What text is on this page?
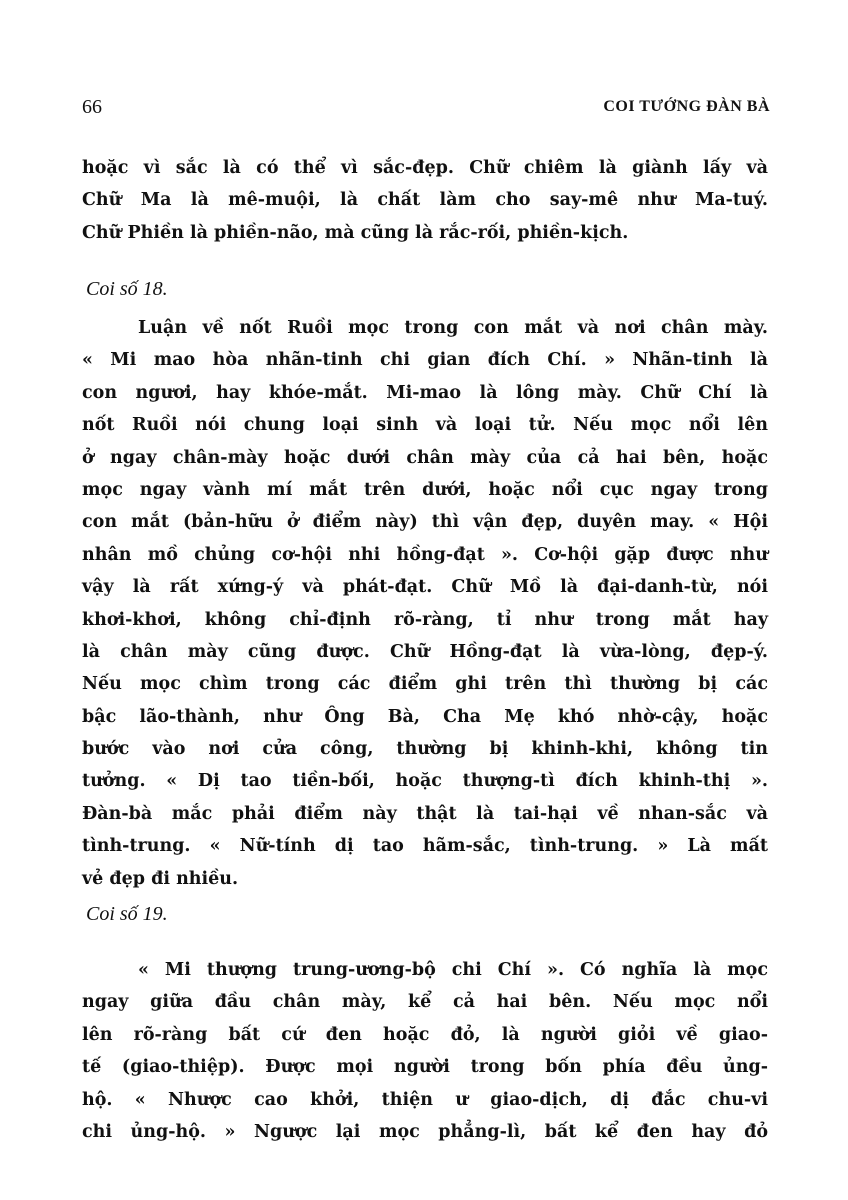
66	COI TƯỚNG ĐÀN BÀ
hoặc vì sắc là có thể vì sắc-đẹp. Chữ chiêm là giành lấy và
Chữ Ma là mê-muội, là chất làm cho say-mê như Ma-tuý.
Chữ Phiền là phiền-não, mà cũng là rắc-rối, phiền-kịch.
Coi số 18.
Luận về nốt Ruồi mọc trong con mắt và nơi chân mày.
« Mi mao hòa nhãn-tinh chi gian đích Chí. » Nhãn-tinh là
con ngươi, hay khóe-mắt. Mi-mao là lông mày. Chữ Chí là
nốt Ruồi nói chung loại sinh và loại tử. Nếu mọc nổi lên
ở ngay chân-mày hoặc dưới chân mày của cả hai bên, hoặc
mọc ngay vành mí mắt trên dưới, hoặc nổi cục ngay trong
con mắt (bản-hữu ở điểm này) thì vận đẹp, duyên may. « Hội
nhân mồ chủng cơ-hội nhi hồng-đạt ». Cơ-hội gặp được như
vậy là rất xứng-ý và phát-đạt. Chữ Mồ là đại-danh-từ, nói
khơi-khơi, không chỉ-định rõ-ràng, tỉ như trong mắt hay
là chân mày cũng được. Chữ Hồng-đạt là vừa-lòng, đẹp-ý.
Nếu mọc chìm trong các điểm ghi trên thì thường bị các
bậc lão-thành, như Ông Bà, Cha Mẹ khó nhờ-cậy, hoặc
bước vào nơi cửa công, thường bị khinh-khi, không tin
tưởng. « Dị tao tiền-bối, hoặc thượng-tì đích khinh-thị ».
Đàn-bà mắc phải điểm này thật là tai-hại về nhan-sắc và
tình-trung. « Nữ-tính dị tao hãm-sắc, tình-trung. » Là mất
vẻ đẹp đi nhiều.
Coi số 19.
« Mi thượng trung-ương-bộ chi Chí ». Có nghĩa là mọc
ngay giữa đầu chân mày, kể cả hai bên. Nếu mọc nổi
lên rõ-ràng bất cứ đen hoặc đỏ, là người giỏi về giao-
tế (giao-thiệp). Được mọi người trong bốn phía đều ủng-
hộ. « Nhược cao khởi, thiện ư giao-dịch, dị đắc chu-vi
chi ủng-hộ. » Ngược lại mọc phẳng-lì, bất kể đen hay đỏ
